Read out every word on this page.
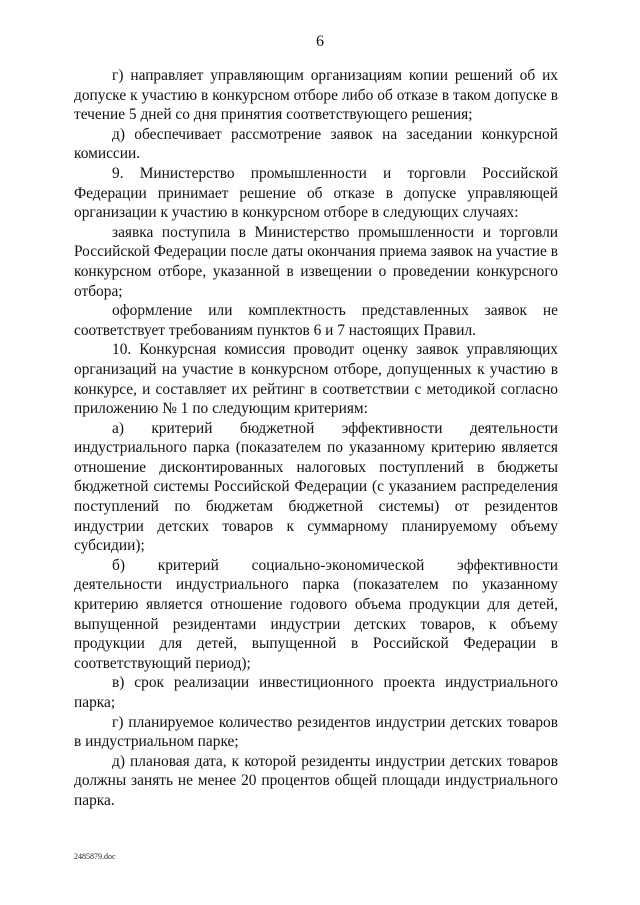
6

г) направляет управляющим организациям копии решений об их допуске к участию в конкурсном отборе либо об отказе в таком допуске в течение 5 дней со дня принятия соответствующего решения;

д) обеспечивает рассмотрение заявок на заседании конкурсной комиссии.

9. Министерство промышленности и торговли Российской Федерации принимает решение об отказе в допуске управляющей организации к участию в конкурсном отборе в следующих случаях:

заявка поступила в Министерство промышленности и торговли Российской Федерации после даты окончания приема заявок на участие в конкурсном отборе, указанной в извещении о проведении конкурсного отбора;

оформление или комплектность представленных заявок не соответствует требованиям пунктов 6 и 7 настоящих Правил.

10. Конкурсная комиссия проводит оценку заявок управляющих организаций на участие в конкурсном отборе, допущенных к участию в конкурсе, и составляет их рейтинг в соответствии с методикой согласно приложению № 1 по следующим критериям:

а) критерий бюджетной эффективности деятельности индустриального парка (показателем по указанному критерию является отношение дисконтированных налоговых поступлений в бюджеты бюджетной системы Российской Федерации (с указанием распределения поступлений по бюджетам бюджетной системы) от резидентов индустрии детских товаров к суммарному планируемому объему субсидии);

б) критерий социально-экономической эффективности деятельности индустриального парка (показателем по указанному критерию является отношение годового объема продукции для детей, выпущенной резидентами индустрии детских товаров, к объему продукции для детей, выпущенной в Российской Федерации в соответствующий период);

в) срок реализации инвестиционного проекта индустриального парка;

г) планируемое количество резидентов индустрии детских товаров в индустриальном парке;

д) плановая дата, к которой резиденты индустрии детских товаров должны занять не менее 20 процентов общей площади индустриального парка.

2485879.doc
